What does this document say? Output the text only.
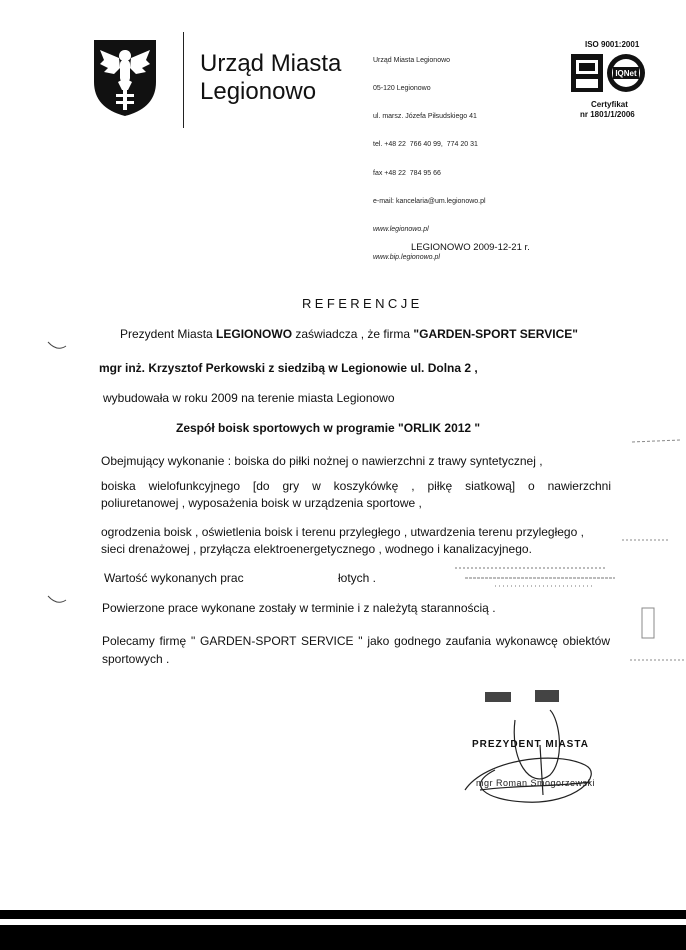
Urząd Miasta
Legionowo

Urząd Miasta Legionowo

05-120 Legionowo

ul. marsz. Józefa Piłsudskiego 41

tel. +48 22  766 40 99,  774 20 31

fax +48 22  784 95 66

e-mail: kancelaria@um.legionowo.pl

www.legionowo.pl

www.bip.legionowo.pl

ISO 9001:2001
IQNet
Certyfikat
nr 1801/1/2006
LEGIONOWO 2009-12-21 r.
REFERENCJE
Prezydent Miasta LEGIONOWO zaświadcza , że firma "GARDEN-SPORT SERVICE"
mgr inż. Krzysztof Perkowski z siedzibą w Legionowie ul. Dolna 2 ,
wybudowała w roku 2009 na terenie miasta Legionowo
Zespół boisk sportowych w programie "ORLIK 2012 "
Obejmujący wykonanie : boiska do piłki nożnej o nawierzchni z trawy syntetycznej ,
boiska wielofunkcyjnego [do gry w koszykówkę , piłkę siatkową] o nawierzchni
poliuretanowej , wyposażenia boisk w urządzenia sportowe ,
ogrodzenia boisk , oświetlenia boisk i terenu przyległego , utwardzenia terenu przyległego ,
sieci drenażowej , przyłącza elektroenergetycznego , wodnego i kanalizacyjnego.
Wartość wykonanych prac	łotych .
Powierzone prace wykonane zostały w terminie i z należytą starannością .
Polecamy firmę " GARDEN-SPORT SERVICE " jako godnego zaufania wykonawcę obiektów
sportowych .
PREZYDENT MIASTA
mgr Roman Smogorzewski
